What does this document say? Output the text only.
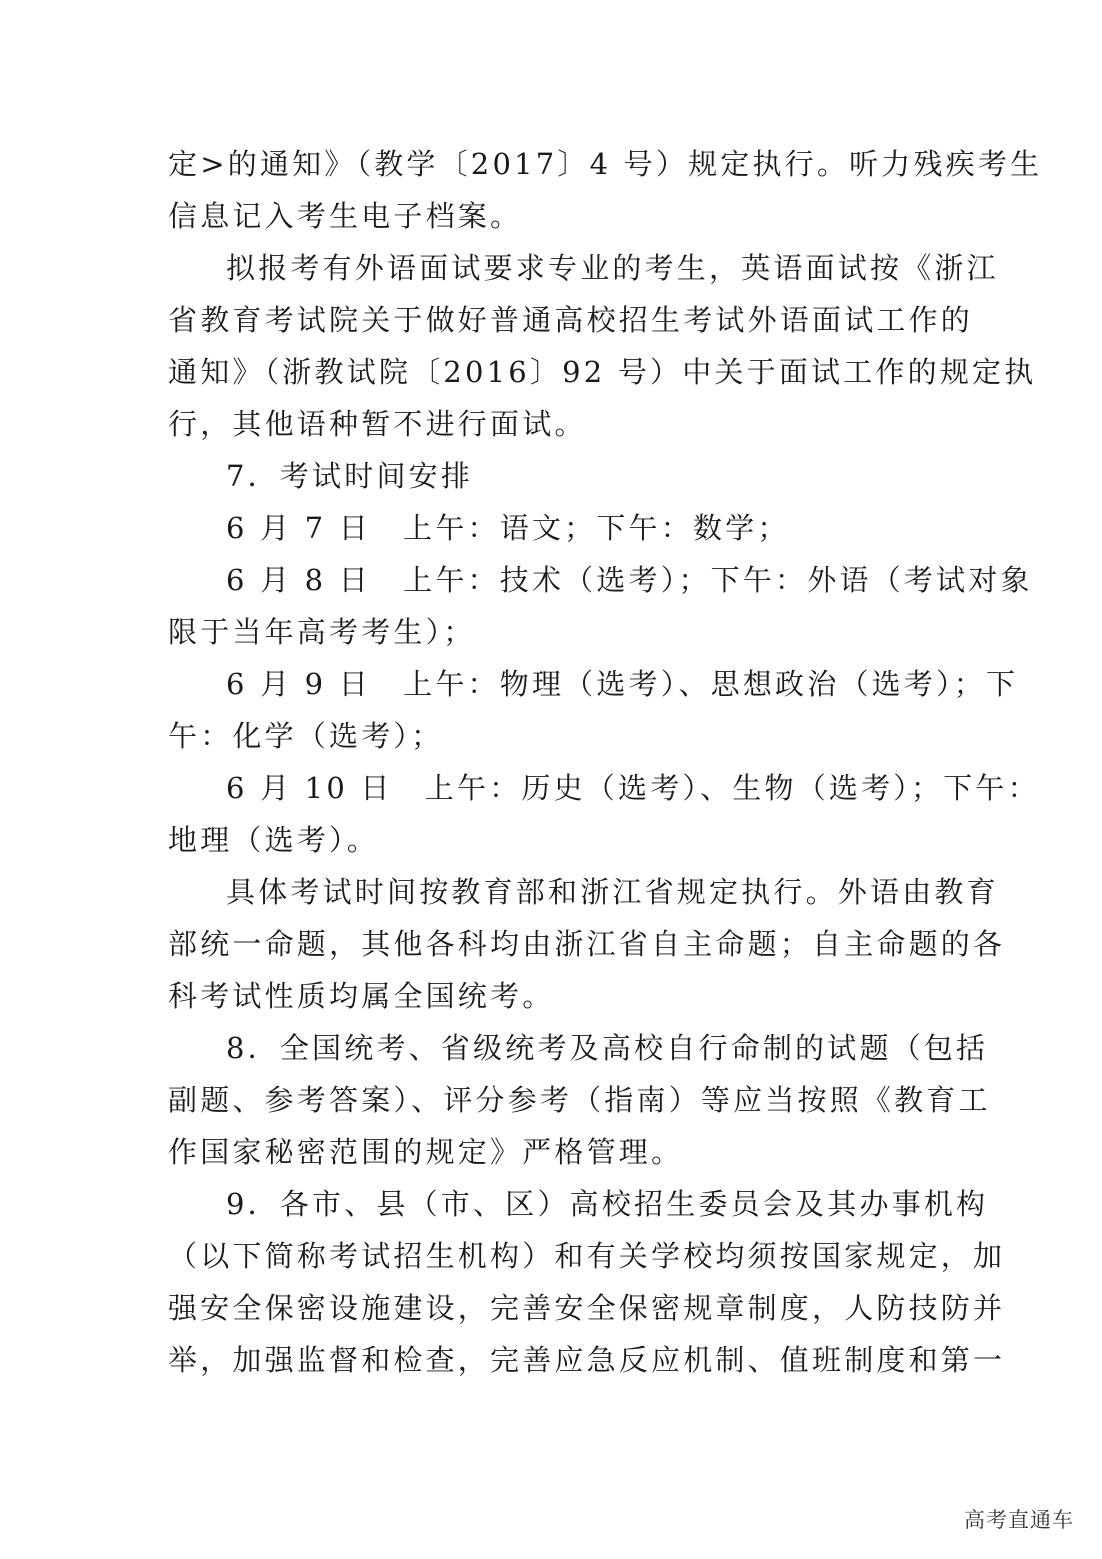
定>的通知》（教学〔2017〕4 号）规定执行。听力残疾考生
信息记入考生电子档案。
拟报考有外语面试要求专业的考生，英语面试按《浙江
省教育考试院关于做好普通高校招生考试外语面试工作的
通知》（浙教试院〔2016〕92 号）中关于面试工作的规定执
行，其他语种暂不进行面试。
7．考试时间安排
6 月 7 日　上午：语文；下午：数学；
6 月 8 日　上午：技术（选考）；下午：外语（考试对象
限于当年高考考生）；
6 月 9 日　上午：物理（选考）、思想政治（选考）；下
午：化学（选考）；
6 月 10 日　上午：历史（选考）、生物（选考）；下午：
地理（选考）。
具体考试时间按教育部和浙江省规定执行。外语由教育
部统一命题，其他各科均由浙江省自主命题；自主命题的各
科考试性质均属全国统考。
8．全国统考、省级统考及高校自行命制的试题（包括
副题、参考答案）、评分参考（指南）等应当按照《教育工
作国家秘密范围的规定》严格管理。
9．各市、县（市、区）高校招生委员会及其办事机构
（以下简称考试招生机构）和有关学校均须按国家规定，加
强安全保密设施建设，完善安全保密规章制度，人防技防并
举，加强监督和检查，完善应急反应机制、值班制度和第一
高考直通车
